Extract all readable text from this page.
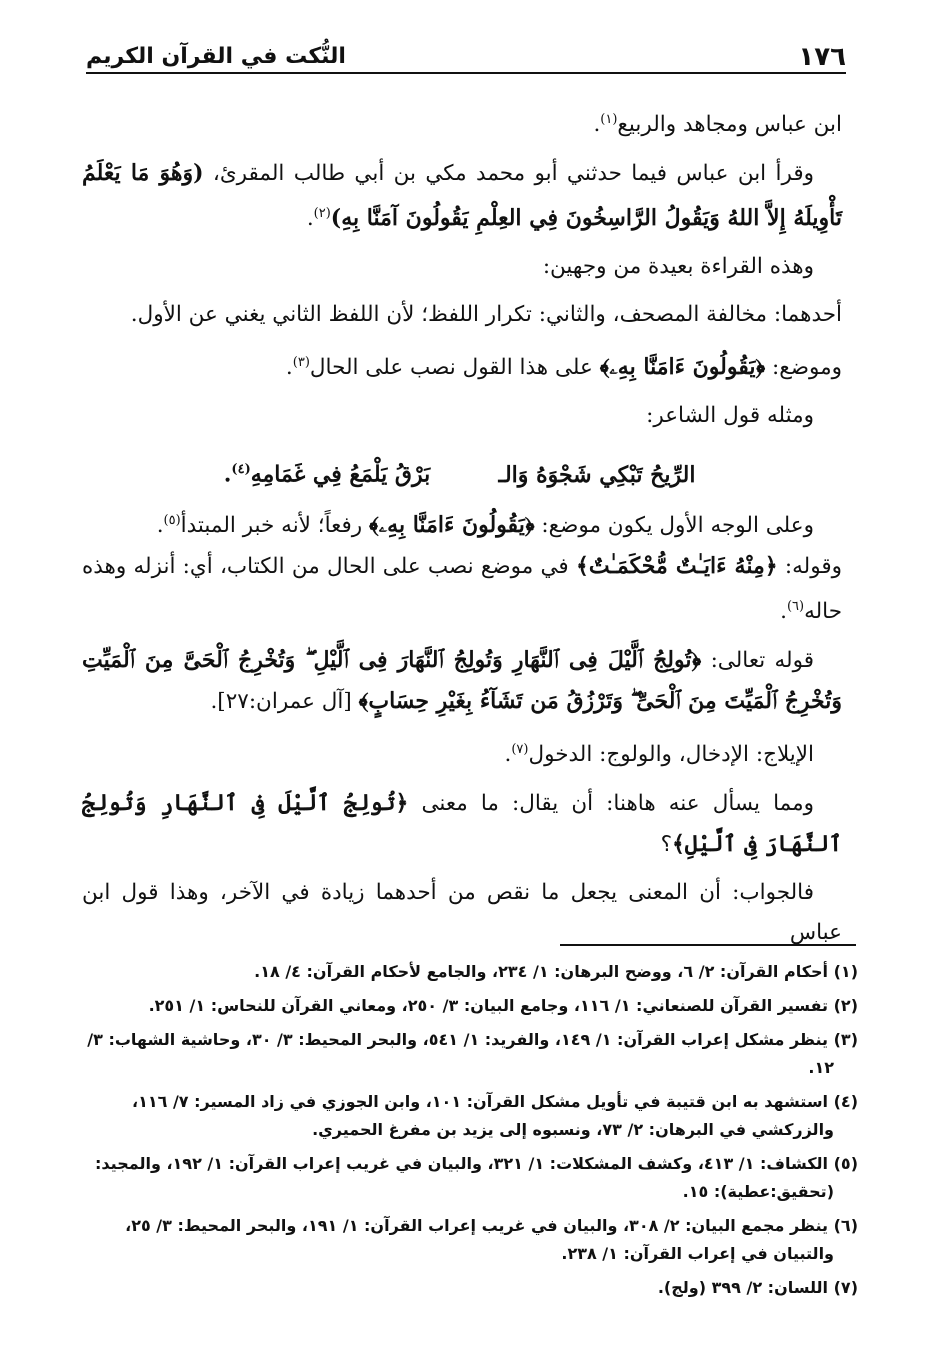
١٧٦
النُّكت في القرآن الكريم

ابن عباس ومجاهد والربيع$^{(١)}$.

وقرأ ابن عباس فيما حدثني أبو محمد مكي بن أبي طالب المقرئ، (وَهُوَ مَا يَعْلَمُ تَأْوِيلَهُ إِلاَّ اللهُ وَيَقُولُ الرَّاسِخُونَ فِي العِلْمِ يَقُولُونَ آمَنَّا بِهِ)$^{(٢)}$.

وهذه القراءة بعيدة من وجهين:

أحدهما: مخالفة المصحف، والثاني: تكرار اللفظ؛ لأن اللفظ الثاني يغني عن الأول.

وموضع: ﴿يَقُولُونَ ءَامَنَّا بِهِۦ﴾ على هذا القول نصب على الحال$^{(٣)}$.

ومثله قول الشاعر:

الرِّيحُ تَبْكِي شَجْوَهُ وَالـبَرْقُ يَلْمَعُ فِي غَمَامِهِ$^{(٤)}$.

وعلى الوجه الأول يكون موضع: ﴿يَقُولُونَ ءَامَنَّا بِهِۦ﴾ رفعاً؛ لأنه خبر المبتدأ$^{(٥)}$.
وقوله: ﴿مِنْهُ ءَايَـٰتٌ مُّحْكَمَـٰتٌ﴾ في موضع نصب على الحال من الكتاب، أي: أنزله وهذه حاله$^{(٦)}$.

قوله تعالى: ﴿تُولِجُ ٱلَّيْلَ فِى ٱلنَّهَارِ وَتُولِجُ ٱلنَّهَارَ فِى ٱلَّيْلِ ۖ وَتُخْرِجُ ٱلْحَىَّ مِنَ ٱلْمَيِّتِ وَتُخْرِجُ ٱلْمَيِّتَ مِنَ ٱلْحَىِّ ۖ وَتَرْزُقُ مَن تَشَآءُ بِغَيْرِ حِسَابٍ﴾ [آل عمران:٢٧].

الإيلاج: الإدخال، والولوج: الدخول$^{(٧)}$.

ومما يسأل عنه هاهنا: أن يقال: ما معنى ﴿تُولِجُ ٱلَّيْلَ فِى ٱلنَّهَارِ وَتُولِجُ ٱلنَّهَارَ فِى ٱلَّيْلِ﴾؟

فالجواب: أن المعنى يجعل ما نقص من أحدهما زيادة في الآخر، وهذا قول ابن عباس

(١) أحكام القرآن: ٢/ ٦، ووضح البرهان: ١/ ٢٣٤، والجامع لأحكام القرآن: ٤/ ١٨.

(٢) تفسير القرآن للصنعاني: ١/ ١١٦، وجامع البيان: ٣/ ٢٥٠، ومعاني القرآن للنحاس: ١/ ٢٥١.

(٣) ينظر مشكل إعراب القرآن: ١/ ١٤٩، والفريد: ١/ ٥٤١، والبحر المحيط: ٣/ ٣٠، وحاشية الشهاب: ٣/ ١٢.

(٤) استشهد به ابن قتيبة في تأويل مشكل القرآن: ١٠١، وابن الجوزي في زاد المسير: ٧/ ١١٦، والزركشي في البرهان: ٢/ ٧٣، ونسبوه إلى يزيد بن مفرغ الحميري.

(٥) الكشاف: ١/ ٤١٣، وكشف المشكلات: ١/ ٣٢١، والبيان في غريب إعراب القرآن: ١/ ١٩٢، والمجيد: (تحقيق:عطية): ١٥.

(٦) ينظر مجمع البيان: ٢/ ٣٠٨، والبيان في غريب إعراب القرآن: ١/ ١٩١، والبحر المحيط: ٣/ ٢٥، والتبيان في إعراب القرآن: ١/ ٢٣٨.

(٧) اللسان: ٢/ ٣٩٩ (ولج).
